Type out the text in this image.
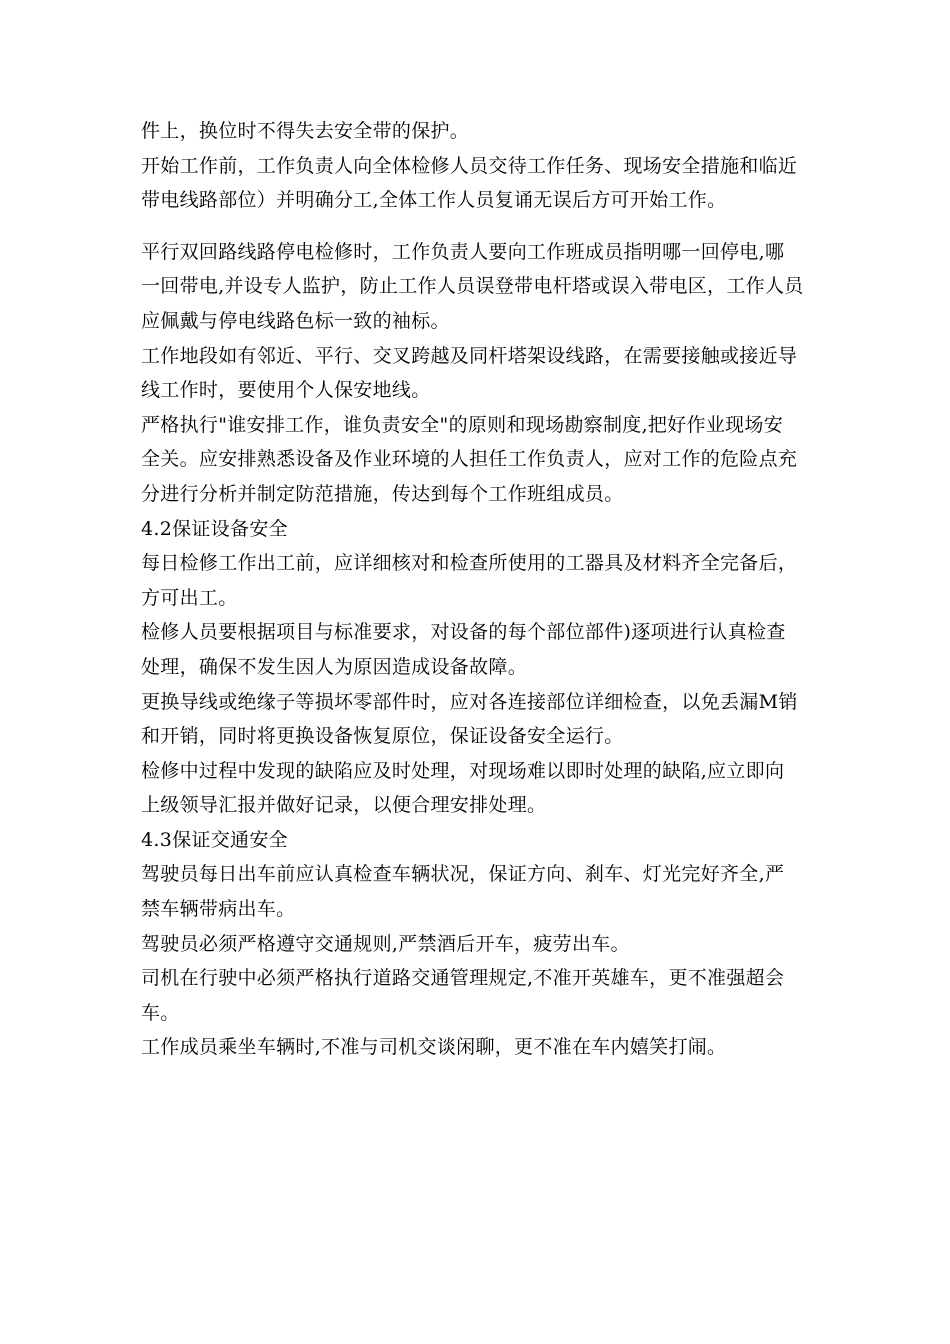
件上，换位时不得失去安全带的保护。
开始工作前，工作负责人向全体检修人员交待工作任务、现场安全措施和临近
带电线路部位）并明确分工,全体工作人员复诵无误后方可开始工作。
平行双回路线路停电检修时，工作负责人要向工作班成员指明哪一回停电,哪
一回带电,并设专人监护，防止工作人员误登带电杆塔或误入带电区，工作人员
应佩戴与停电线路色标一致的袖标。
工作地段如有邻近、平行、交叉跨越及同杆塔架设线路，在需要接触或接近导
线工作时，要使用个人保安地线。
严格执行"谁安排工作，谁负责安全"的原则和现场勘察制度,把好作业现场安
全关。应安排熟悉设备及作业环境的人担任工作负责人，应对工作的危险点充
分进行分析并制定防范措施，传达到每个工作班组成员。
4.2保证设备安全
每日检修工作出工前，应详细核对和检查所使用的工器具及材料齐全完备后，
方可出工。
检修人员要根据项目与标准要求，对设备的每个部位部件)逐项进行认真检查
处理，确保不发生因人为原因造成设备故障。
更换导线或绝缘子等损坏零部件时，应对各连接部位详细检查，以免丢漏M销
和开销，同时将更换设备恢复原位，保证设备安全运行。
检修中过程中发现的缺陷应及时处理，对现场难以即时处理的缺陷,应立即向
上级领导汇报并做好记录，以便合理安排处理。
4.3保证交通安全
驾驶员每日出车前应认真检查车辆状况，保证方向、刹车、灯光完好齐全,严
禁车辆带病出车。
驾驶员必须严格遵守交通规则,严禁酒后开车，疲劳出车。
司机在行驶中必须严格执行道路交通管理规定,不准开英雄车，更不准强超会
车。
工作成员乘坐车辆时,不准与司机交谈闲聊，更不准在车内嬉笑打闹。
